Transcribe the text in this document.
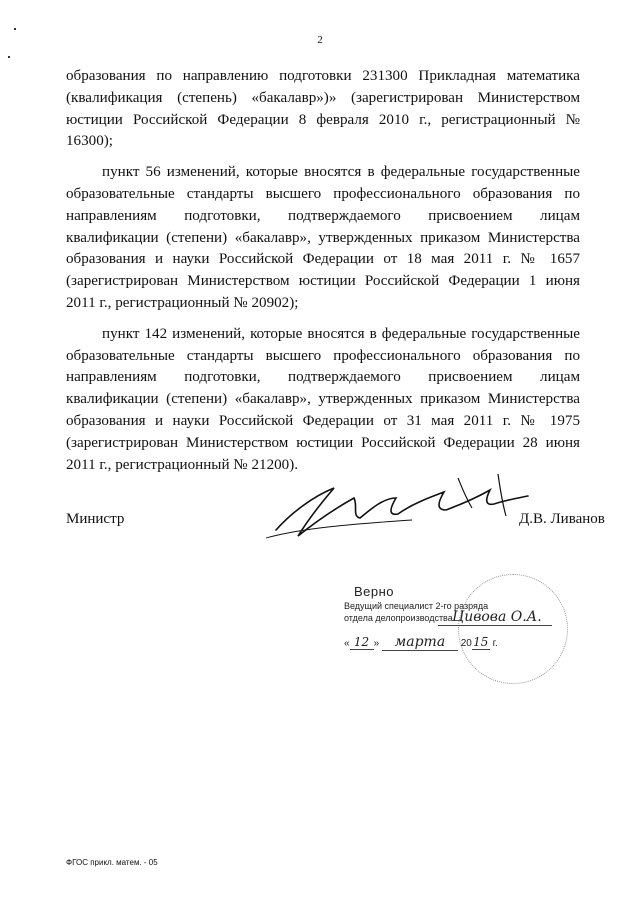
2

образования по направлению подготовки 231300 Прикладная математика (квалификация (степень) «бакалавр»)» (зарегистрирован Министерством юстиции Российской Федерации 8 февраля 2010 г., регистрационный № 16300);

пункт 56 изменений, которые вносятся в федеральные государственные образовательные стандарты высшего профессионального образования по направлениям подготовки, подтверждаемого присвоением лицам квалификации (степени) «бакалавр», утвержденных приказом Министерства образования и науки Российской Федерации от 18 мая 2011 г. № 1657 (зарегистрирован Министерством юстиции Российской Федерации 1 июня 2011 г., регистрационный № 20902);

пункт 142 изменений, которые вносятся в федеральные государственные образовательные стандарты высшего профессионального образования по направлениям подготовки, подтверждаемого присвоением лицам квалификации (степени) «бакалавр», утвержденных приказом Министерства образования и науки Российской Федерации от 31 мая 2011 г. № 1975 (зарегистрирован Министерством юстиции Российской Федерации 28 июня 2011 г., регистрационный № 21200).

Министр	Д.В. Ливанов
Верно
Ведущий специалист 2-го разряда
отдела делопроизводства Цивова О.А.
« 12 » марта 2015 г.
ФГОС прикл. матем. - 05
